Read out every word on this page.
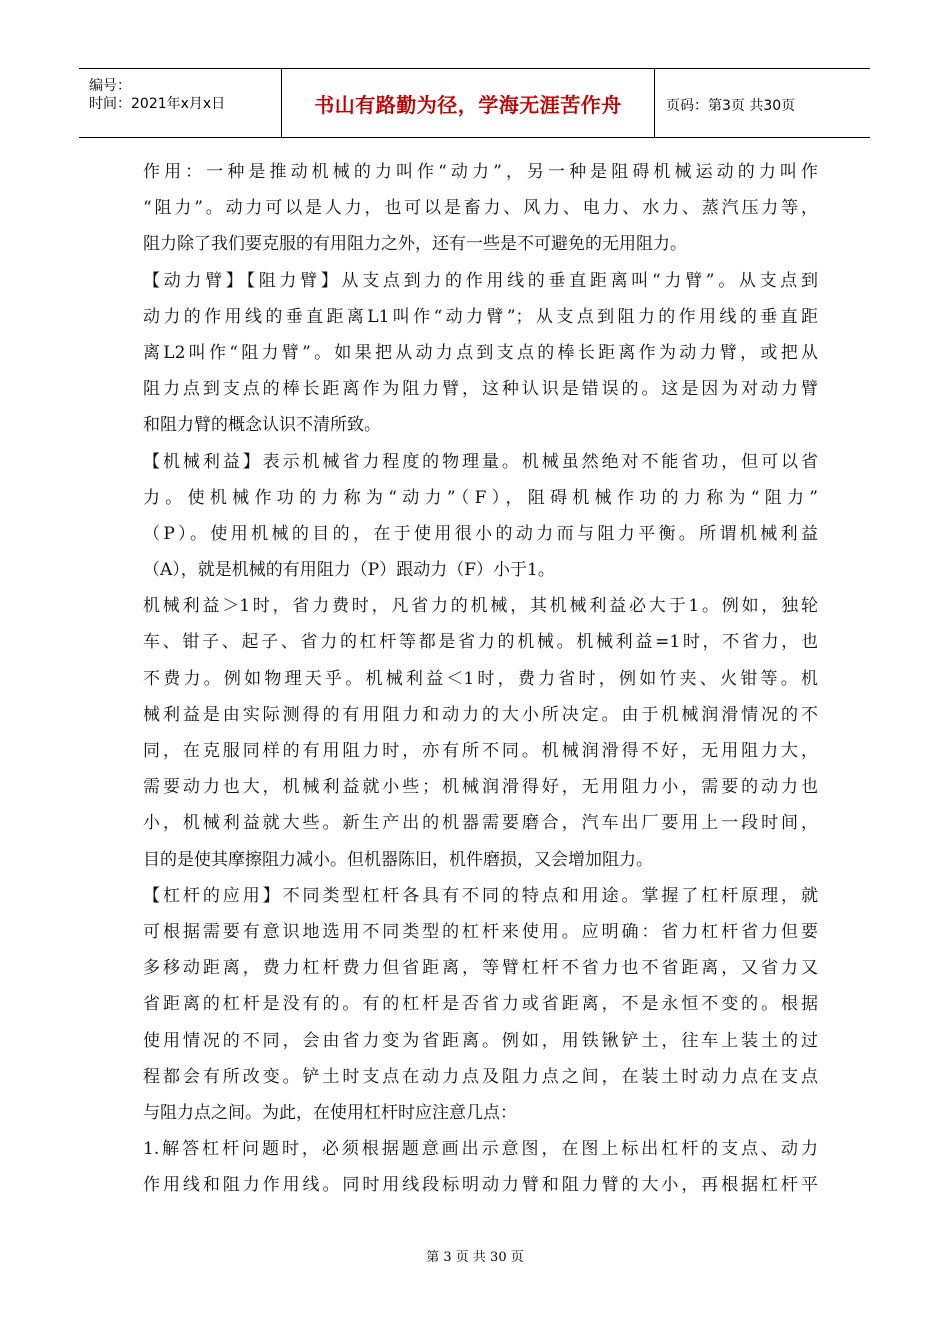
编号：
时间：2021年x月x日	书山有路勤为径，学海无涯苦作舟	页码：第3页 共30页
作用：一种是推动机械的力叫作“动力”，另一种是阻碍机械运动的力叫作
“阻力”。动力可以是人力，也可以是畜力、风力、电力、水力、蒸汽压力等，
阻力除了我们要克服的有用阻力之外，还有一些是不可避免的无用阻力。
【动力臂】【阻力臂】从支点到力的作用线的垂直距离叫“力臂”。从支点到
动力的作用线的垂直距离L1叫作“动力臂”；从支点到阻力的作用线的垂直距
离L2叫作“阻力臂”。如果把从动力点到支点的棒长距离作为动力臂，或把从
阻力点到支点的棒长距离作为阻力臂，这种认识是错误的。这是因为对动力臂
和阻力臂的概念认识不清所致。
【机械利益】表示机械省力程度的物理量。机械虽然绝对不能省功，但可以省
力。使机械作功的力称为“动力”（F），阻碍机械作功的力称为“阻力”
（P）。使用机械的目的，在于使用很小的动力而与阻力平衡。所谓机械利益
（A），就是机械的有用阻力（P）跟动力（F）小于1。
机械利益＞1时，省力费时，凡省力的机械，其机械利益必大于1。例如，独轮
车、钳子、起子、省力的杠杆等都是省力的机械。机械利益=1时，不省力，也
不费力。例如物理天乎。机械利益＜1时，费力省时，例如竹夹、火钳等。机
械利益是由实际测得的有用阻力和动力的大小所决定。由于机械润滑情况的不
同，在克服同样的有用阻力时，亦有所不同。机械润滑得不好，无用阻力大，
需要动力也大，机械利益就小些；机械润滑得好，无用阻力小，需要的动力也
小，机械利益就大些。新生产出的机器需要磨合，汽车出厂要用上一段时间，
目的是使其摩擦阻力减小。但机器陈旧，机件磨损，又会增加阻力。
【杠杆的应用】不同类型杠杆各具有不同的特点和用途。掌握了杠杆原理，就
可根据需要有意识地选用不同类型的杠杆来使用。应明确：省力杠杆省力但要
多移动距离，费力杠杆费力但省距离，等臂杠杆不省力也不省距离，又省力又
省距离的杠杆是没有的。有的杠杆是否省力或省距离，不是永恒不变的。根据
使用情况的不同，会由省力变为省距离。例如，用铁锹铲土，往车上装土的过
程都会有所改变。铲土时支点在动力点及阻力点之间，在装土时动力点在支点
与阻力点之间。为此，在使用杠杆时应注意几点：
1.解答杠杆问题时，必须根据题意画出示意图，在图上标出杠杆的支点、动力
作用线和阻力作用线。同时用线段标明动力臂和阻力臂的大小，再根据杠杆平
第 3 页 共 30 页
